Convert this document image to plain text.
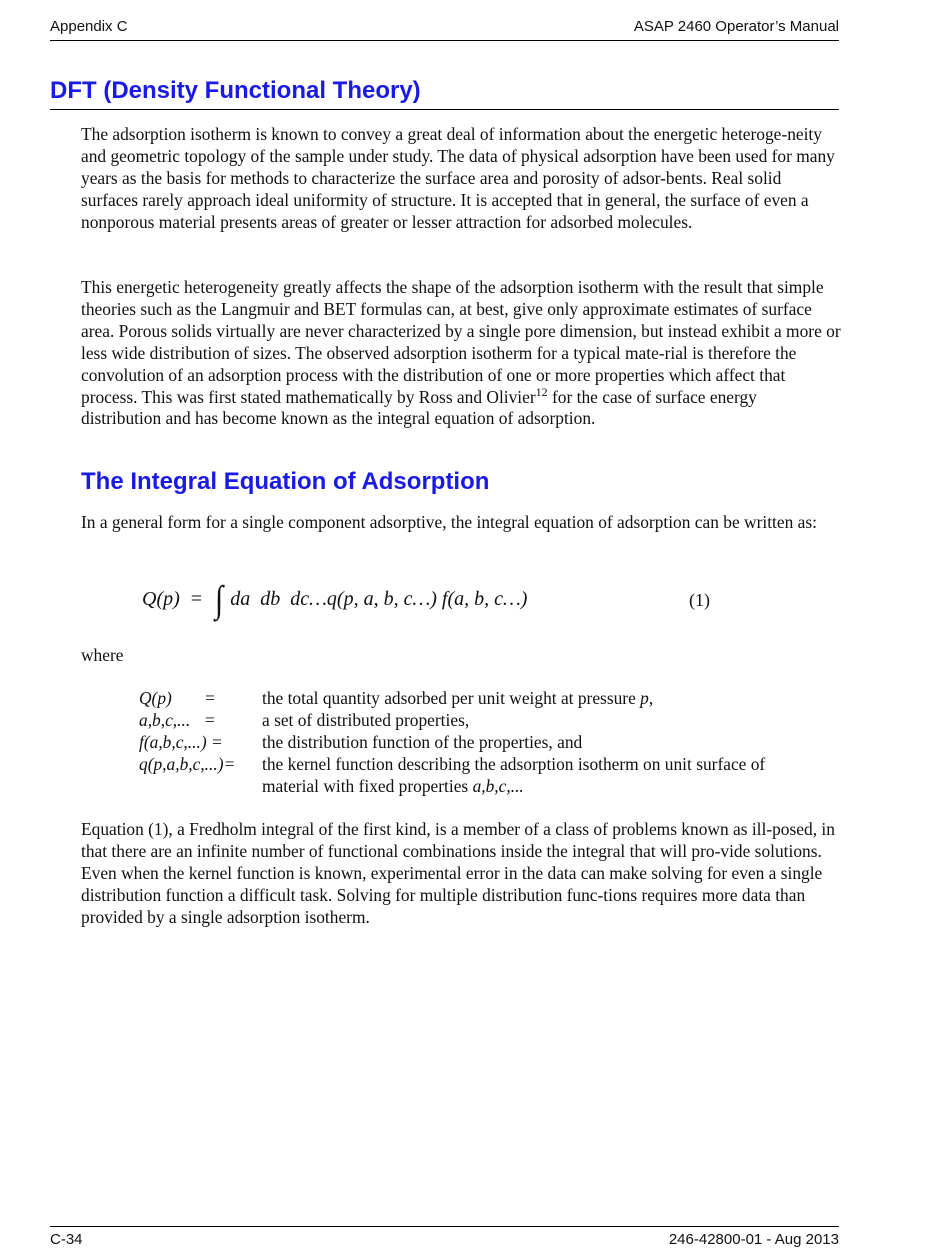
Appendix C	ASAP 2460 Operator’s Manual
DFT (Density Functional Theory)

The adsorption isotherm is known to convey a great deal of information about the energetic heteroge-neity and geometric topology of the sample under study. The data of physical adsorption have been used for many years as the basis for methods to characterize the surface area and porosity of adsor-bents. Real solid surfaces rarely approach ideal uniformity of structure. It is accepted that in general, the surface of even a nonporous material presents areas of greater or lesser attraction for adsorbed molecules.

This energetic heterogeneity greatly affects the shape of the adsorption isotherm with the result that simple theories such as the Langmuir and BET formulas can, at best, give only approximate estimates of surface area. Porous solids virtually are never characterized by a single pore dimension, but instead exhibit a more or less wide distribution of sizes. The observed adsorption isotherm for a typical mate-rial is therefore the convolution of an adsorption process with the distribution of one or more properties which affect that process. This was first stated mathematically by Ross and Olivier$^{12}$ for the case of surface energy distribution and has become known as the integral equation of adsorption.

The Integral Equation of Adsorption

In a general form for a single component adsorptive, the integral equation of adsorption can be written as:

Q(p) = ∫ da  db  dc…q(p, a, b, c…) f(a, b, c…)	(1)

where

Q(p) =	the total quantity adsorbed per unit weight at pressure p,
a,b,c,... =	a set of distributed properties,
f(a,b,c,...) = the distribution function of the properties, and
q(p,a,b,c,...)= the kernel function describing the adsorption isotherm on unit surface of material with fixed properties a,b,c,...

Equation (1), a Fredholm integral of the first kind, is a member of a class of problems known as ill-posed, in that there are an infinite number of functional combinations inside the integral that will pro-vide solutions. Even when the kernel function is known, experimental error in the data can make solving for even a single distribution function a difficult task. Solving for multiple distribution func-tions requires more data than provided by a single adsorption isotherm.

C-34	246-42800-01 - Aug 2013
